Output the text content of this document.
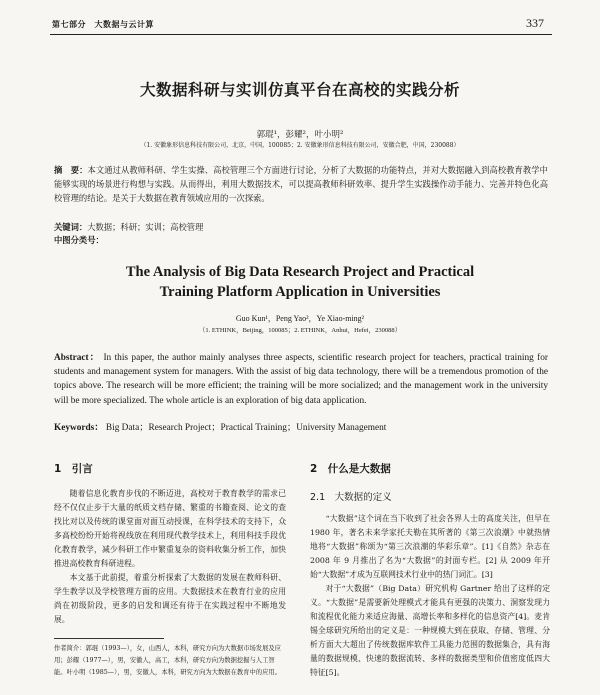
第七部分　大数据与云计算	337
大数据科研与实训仿真平台在高校的实践分析
郭琨¹，彭耀²，叶小明²
（1. 安徽象形信息科技有限公司，北京，中国，100085；2. 安徽象形信息科技有限公司，安徽合肥，中国，230088）
摘　要：本文通过从教师科研、学生实操、高校管理三个方面进行讨论，分析了大数据的功能特点，并对大数据融入到高校教育教学中能够实现的场景进行构想与实践。从而得出，利用大数据技术，可以提高教师科研效率、提升学生实践操作动手能力、完善并特色化高校管理的结论。是关于大数据在教育领域应用的一次探索。
关键词：大数据；科研；实训；高校管理
中图分类号：
The Analysis of Big Data Research Project and Practical
Training Platform Application in Universities
Guo Kun¹，Peng Yao²，Ye Xiao-ming²
（1. ETHINK，Beijing，100085；2. ETHINK，Anhui，Hefei，230088）
Abstract： In this paper, the author mainly analyses three aspects, scientific research project for teachers, practical training for students and management system for managers. With the assist of big data technology, there will be a tremendous promotion of the topics above. The research will be more efficient; the training will be more socialized; and the management work in the university will be more specialized. The whole article is an exploration of big data application.
Keywords： Big Data；Research Project；Practical Training；University Management
1　引言

随着信息化教育步伐的不断迈进，高校对于教育教学的需求已经不仅仅止步于大量的纸质文档存储、繁重的书籍查阅、论文的查找比对以及传统的课堂面对面互动授课，在科学技术的支持下，众多高校纷纷开始将视线放在利用现代教学技术上，利用科技手段优化教育教学，减少科研工作中繁重复杂的资料收集分析工作，加快推进高校教育科研进程。

本文基于此前提，着重分析探索了大数据的发展在教师科研、学生教学以及学校管理方面的应用。大数据技术在教育行业的应用尚在初级阶段，更多的启发和调还有待于在实践过程中不断地发展。

2　什么是大数据
2.1　大数据的定义

“大数据”这个词在当下收到了社会各界人士的高度关注，但早在 1980 年，著名未来学家托夫勒在其所著的《第三次浪潮》中就热情地将“大数据”称颂为“第三次浪潮的华彩乐章”。[1]《自然》杂志在 2008 年 9 月推出了名为“大数据”的封面专栏。[2] 从 2009 年开始“大数据”才成为互联网技术行业中的热门词汇。[3]

对于“大数据”（Big Data）研究机构 Gartner 给出了这样的定义。“大数据”是需要新处理模式才能具有更强的决策力、洞察发现力和流程优化能力来适应海量、高增长率和多样化的信息资产[4]。麦肯锡全球研究所给出的定义是：一种规模大到在获取、存储、管理、分析方面大大超出了传统数据库软件工具能力范围的数据集合，具有海量的数据规模、快速的数据流转、多样的数据类型和价值密度低四大特征[5]。

作者简介：郭琨（1993—），女，山西人，本科，研究方向为大数据市场发展及应用；彭耀（1977—），男，安徽人，高工，本科，研究方向为数据挖掘与人工智能。叶小明（1985—），男，安徽人，本科，研究方向为大数据在教育中的应用。
